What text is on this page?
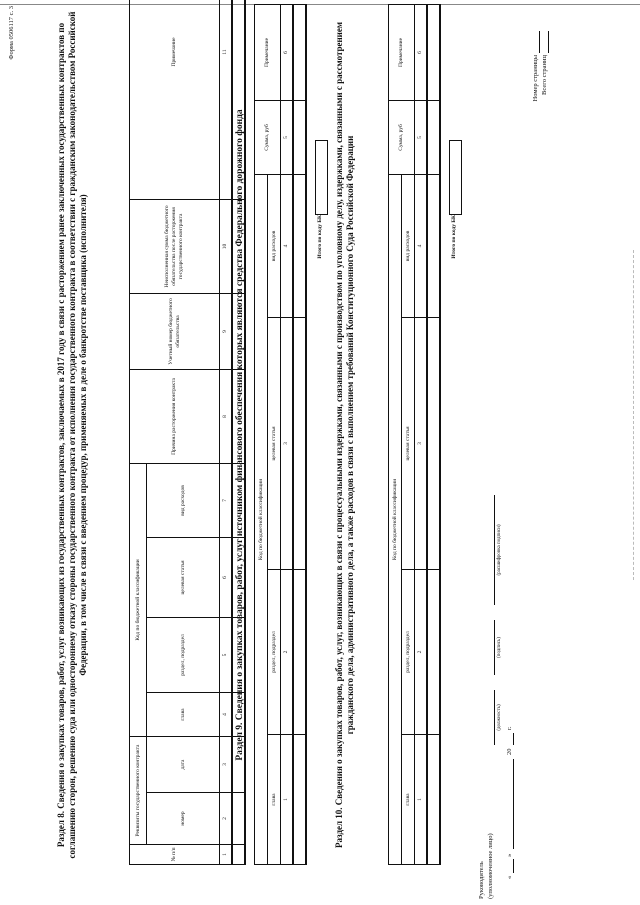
Форма 0506117 с. 3	Раздел 8. Сведения о закупках товаров, работ, услуг возникающих из государственных контрактов, заключаемых в 2017 году в связи с расторжением ранее заключенных государственных контрактов по соглашению сторон, решению суда или одностороннему отказу стороны государственного контракта от исполнения государственного контракта в соответствии с гражданским законодательством Российской Федерации, в том числе в связи с введением процедур, применяемых в деле о банкротстве поставщика (исполнителя)
№ п/п	Реквизиты государственного контракта		Код по бюджетной классификации				Причина расторжения контракта	Учетный номер бюджетного обязательства	Неисполненная сумма бюджетного обязательства после расторжения государственного контракта	Примечание
	номер	дата	глава	раздел, подраздел	целевая статья	вид расходов				
1	2	3	4	5	6	7	8	9	10	11

Раздел 9. Сведения о закупках товаров, работ, услуг источником финансового обеспечения которых являются средства Федерального дорожного фонда Код по бюджетной классификации				Сумма, руб	Примечание
глава	раздел, подраздел	целевая статья	вид расходов		
1	2	3	4	5	6

Итого по коду БК Раздел 10. Сведения о закупках товаров, работ, услуг, возникающих в связи с процессуальными издержками, связанными с производством по уголовному делу, издержками, связанными с рассмотрением гражданского дела, административного дела, а также расходов в связи с выполнением требований Конституционного Суда Российской Федерации	Код по бюджетной классификации				Сумма, руб	Примечание
глава	раздел, подраздел	целевая статья	вид расходов		
1	2	3	4	5	6

Итого по коду БК
Руководитель (уполномоченное лицо)
(должность)
(подпись)
(расшифровка подписи)
«
»
20
г.
Номер страницы Всего страниц
